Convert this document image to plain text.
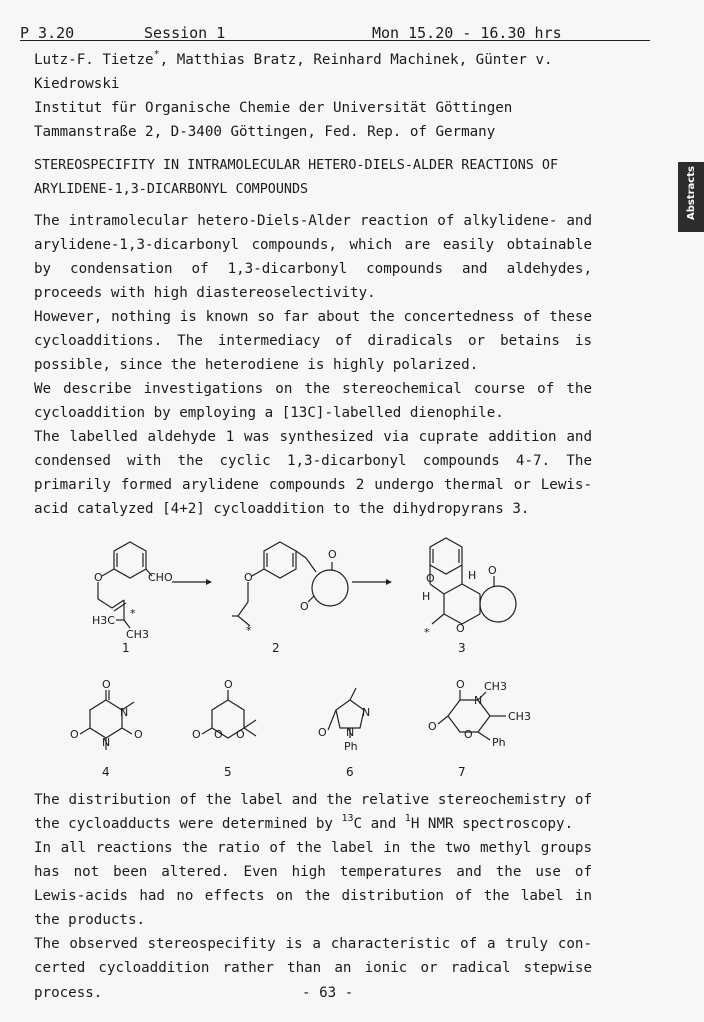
P 3.20	Session 1	Mon 15.20 - 16.30 hrs
Abstracts
Lutz-F. Tietze*, Matthias Bratz, Reinhard Machinek, Günter v.
Kiedrowski
Institut für Organische Chemie der Universität Göttingen
Tammanstraße 2, D-3400 Göttingen, Fed. Rep. of Germany
STEREOSPECIFITY IN INTRAMOLECULAR HETERO-DIELS-ALDER REACTIONS OF
ARYLIDENE-1,3-DICARBONYL COMPOUNDS
The intramolecular hetero-Diels-Alder reaction of alkylidene- and
arylidene-1,3-dicarbonyl compounds, which are easily obtainable
by condensation of 1,3-dicarbonyl compounds and aldehydes,
proceeds with high diastereoselectivity.
However, nothing is known so far about the concertedness of these
cycloadditions. The intermediacy of diradicals or betains is
possible, since the heterodiene is highly polarized.
We describe investigations on the stereochemical course of the
cycloaddition by employing a [13C]-labelled dienophile.
The labelled aldehyde 1 was synthesized via cuprate addition and
condensed with the cyclic 1,3-dicarbonyl compounds 4-7. The
primarily formed arylidene compounds 2 undergo thermal or Lewis-
acid catalyzed [4+2] cycloaddition to the dihydropyrans 3.
O	CHO
H3C
CH3
*
1
O
O
O
*
2
H O
H
O
O
*
3
O
N
N
O	O
4
O
O O O
5
N
N
O
Ph
6
O
N
CH3
CH3
O
O
Ph
7
The distribution of the label and the relative stereochemistry of
the cycloadducts were determined by $^{13}$C and $^1$H NMR spectroscopy.
In all reactions the ratio of the label in the two methyl groups
has not been altered. Even high temperatures and the use of
Lewis-acids had no effects on the distribution of the label in
the products.
The observed stereospecifity is a characteristic of a truly con-
certed cycloaddition rather than an ionic or radical stepwise
process.	- 63 -
